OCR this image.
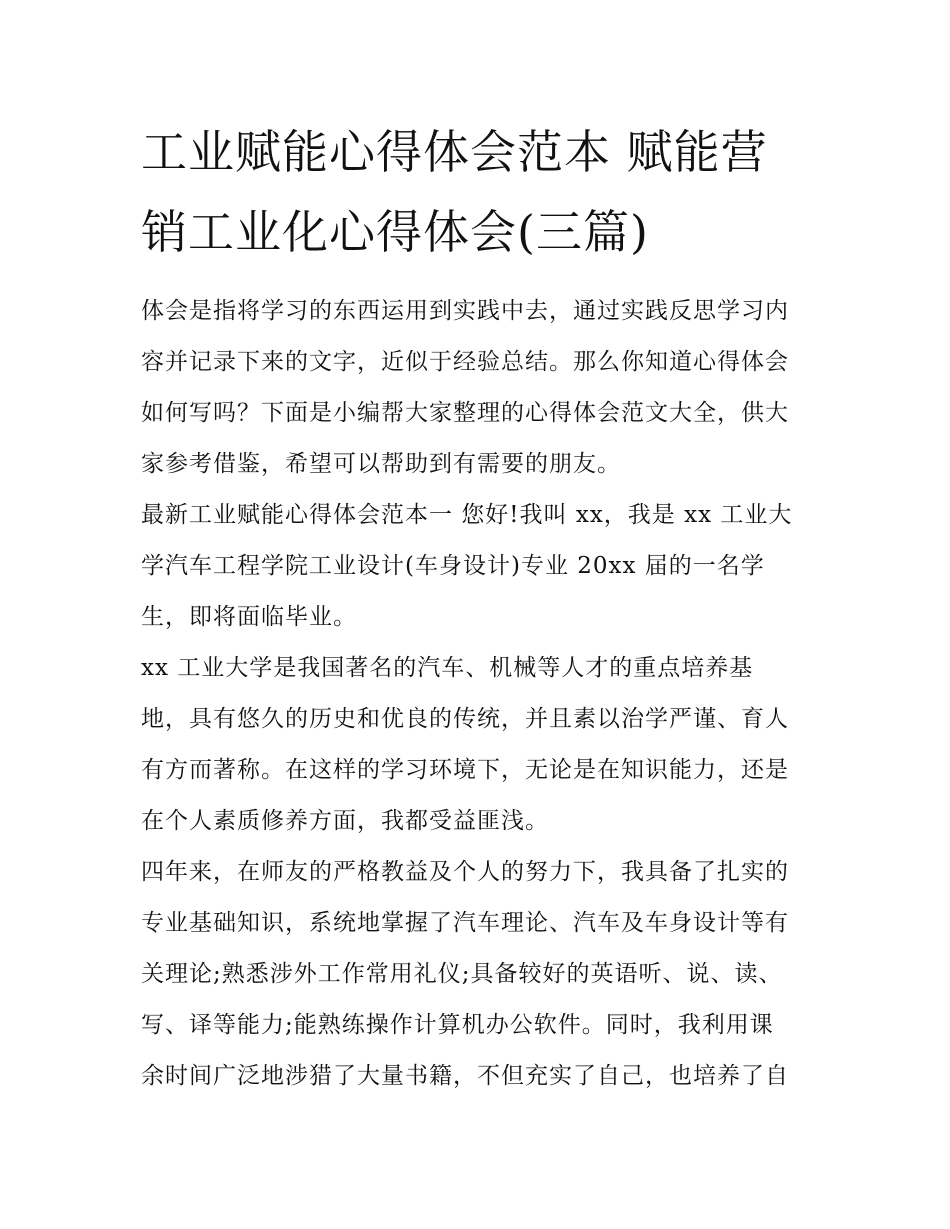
工业赋能心得体会范本 赋能营
销工业化心得体会(三篇)

体会是指将学习的东西运用到实践中去，通过实践反思学习内
容并记录下来的文字，近似于经验总结。那么你知道心得体会
如何写吗？下面是小编帮大家整理的心得体会范文大全，供大
家参考借鉴，希望可以帮助到有需要的朋友。

最新工业赋能心得体会范本一 您好!我叫 xx，我是 xx 工业大
学汽车工程学院工业设计(车身设计)专业 20xx 届的一名学
生，即将面临毕业。

xx 工业大学是我国著名的汽车、机械等人才的重点培养基
地，具有悠久的历史和优良的传统，并且素以治学严谨、育人
有方而著称。在这样的学习环境下，无论是在知识能力，还是
在个人素质修养方面，我都受益匪浅。

四年来，在师友的严格教益及个人的努力下，我具备了扎实的
专业基础知识，系统地掌握了汽车理论、汽车及车身设计等有
关理论;熟悉涉外工作常用礼仪;具备较好的英语听、说、读、
写、译等能力;能熟练操作计算机办公软件。同时，我利用课
余时间广泛地涉猎了大量书籍，不但充实了自己，也培养了自
